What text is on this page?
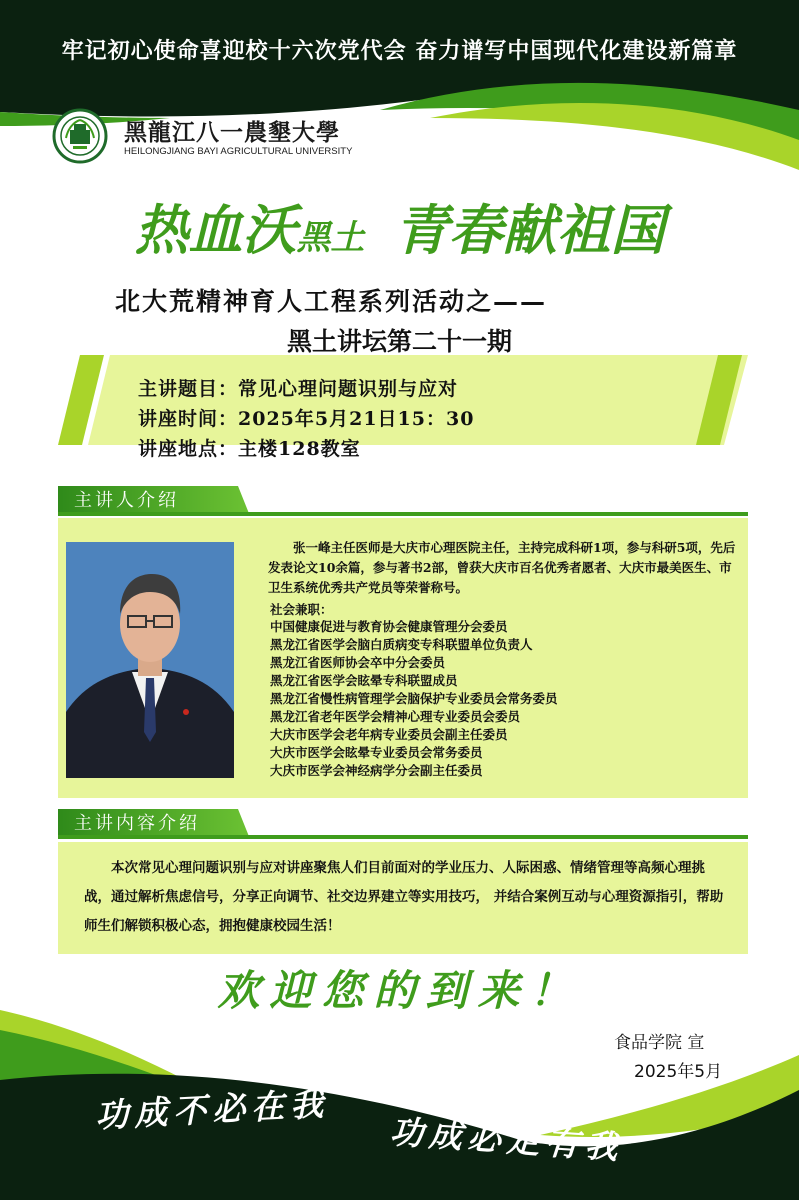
牢记初心使命喜迎校十六次党代会 奋力谱写中国现代化建设新篇章
黑龍江八一農墾大學
HEILONGJIANG BAYI AGRICULTURAL UNIVERSITY
热血沃黑土 青春献祖国
北大荒精神育人工程系列活动之——
黑土讲坛第二十一期
主讲题目：常见心理问题识别与应对
讲座时间：2025年5月21日15：30
讲座地点：主楼128教室
主讲人介绍
张一峰主任医师是大庆市心理医院主任，主持完成科研1项，参与科研5项，先后发表论文10余篇，参与著书2部，曾获大庆市百名优秀者愿者、大庆市最美医生、市卫生系统优秀共产党员等荣誉称号。
社会兼职：
中国健康促进与教育协会健康管理分会委员
黑龙江省医学会脑白质病变专科联盟单位负责人
黑龙江省医师协会卒中分会委员
黑龙江省医学会眩晕专科联盟成员
黑龙江省慢性病管理学会脑保护专业委员会常务委员
黑龙江省老年医学会精神心理专业委员会委员
大庆市医学会老年病专业委员会副主任委员
大庆市医学会眩晕专业委员会常务委员
大庆市医学会神经病学分会副主任委员
主讲内容介绍
本次常见心理问题识别与应对讲座聚焦人们目前面对的学业压力、人际困惑、情绪管理等高频心理挑战，通过解析焦虑信号，分享正向调节、社交边界建立等实用技巧， 并结合案例互动与心理资源指引，帮助师生们解锁积极心态，拥抱健康校园生活！
欢迎您的到来！
食品学院 宣
2025年5月
功成不必在我
功成必定有我
